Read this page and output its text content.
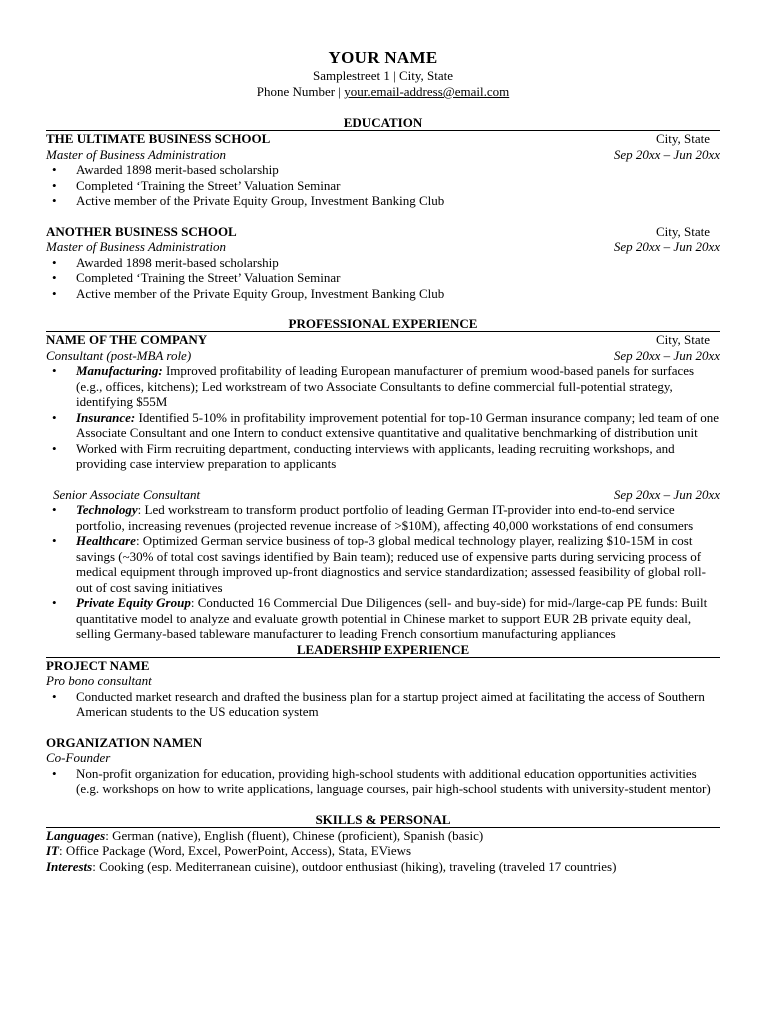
YOUR NAME
Samplestreet 1 | City, State
Phone Number | your.email-address@email.com
EDUCATION
THE ULTIMATE BUSINESS SCHOOL	City, State
Master of Business Administration	Sep 20xx – Jun 20xx
• Awarded 1898 merit-based scholarship
• Completed ‘Training the Street’ Valuation Seminar
• Active member of the Private Equity Group, Investment Banking Club
ANOTHER BUSINESS SCHOOL	City, State
Master of Business Administration	Sep 20xx – Jun 20xx
• Awarded 1898 merit-based scholarship
• Completed ‘Training the Street’ Valuation Seminar
• Active member of the Private Equity Group, Investment Banking Club
PROFESSIONAL EXPERIENCE
NAME OF THE COMPANY	City, State
Consultant (post-MBA role)	Sep 20xx – Jun 20xx
• Manufacturing: Improved profitability of leading European manufacturer of premium wood-based panels for surfaces (e.g., offices, kitchens); Led workstream of two Associate Consultants to define commercial full-potential strategy, identifying $55M
• Insurance: Identified 5-10% in profitability improvement potential for top-10 German insurance company; led team of one Associate Consultant and one Intern to conduct extensive quantitative and qualitative benchmarking of distribution unit
• Worked with Firm recruiting department, conducting interviews with applicants, leading recruiting workshops, and providing case interview preparation to applicants
Senior Associate Consultant	Sep 20xx – Jun 20xx
• Technology: Led workstream to transform product portfolio of leading German IT-provider into end-to-end service portfolio, increasing revenues (projected revenue increase of >$10M), affecting 40,000 workstations of end consumers
• Healthcare: Optimized German service business of top-3 global medical technology player, realizing $10-15M in cost savings (~30% of total cost savings identified by Bain team); reduced use of expensive parts during servicing process of medical equipment through improved up-front diagnostics and service standardization; assessed feasibility of global roll-out of cost saving initiatives
• Private Equity Group: Conducted 16 Commercial Due Diligences (sell- and buy-side) for mid-/large-cap PE funds: Built quantitative model to analyze and evaluate growth potential in Chinese market to support EUR 2B private equity deal, selling Germany-based tableware manufacturer to leading French consortium manufacturing appliances
LEADERSHIP EXPERIENCE
PROJECT NAME
Pro bono consultant
• Conducted market research and drafted the business plan for a startup project aimed at facilitating the access of Southern American students to the US education system
ORGANIZATION NAMEN
Co-Founder
• Non-profit organization for education, providing high-school students with additional education opportunities activities (e.g. workshops on how to write applications, language courses, pair high-school students with university-student mentor)
SKILLS & PERSONAL
Languages: German (native), English (fluent), Chinese (proficient), Spanish (basic)
IT: Office Package (Word, Excel, PowerPoint, Access), Stata, EViews
Interests: Cooking (esp. Mediterranean cuisine), outdoor enthusiast (hiking), traveling (traveled 17 countries)
